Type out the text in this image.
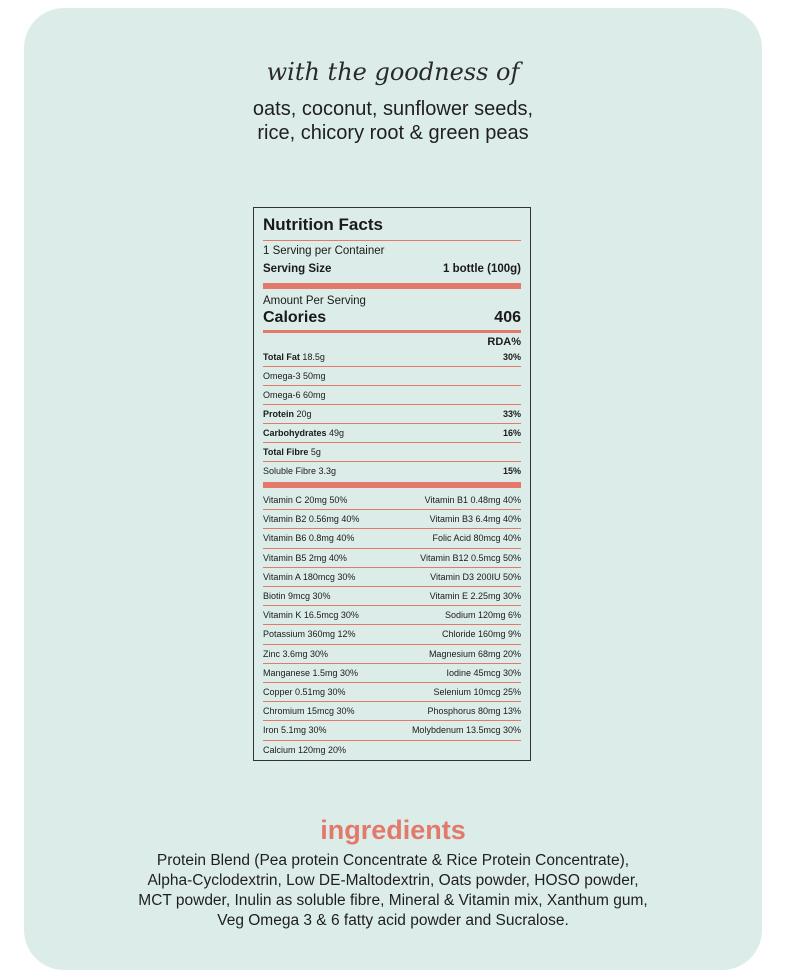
with the goodness of
oats, coconut, sunflower seeds,
rice, chicory root & green peas
Nutrition Facts
1 Serving per Container
Serving Size	1 bottle (100g)
Amount Per Serving
Calories	406
RDA%
Total Fat 18.5g	30%
Omega-3 50mg
Omega-6 60mg
Protein 20g	33%
Carbohydrates 49g	16%
Total Fibre 5g
Soluble Fibre 3.3g	15%
Vitamin C 20mg 50%	Vitamin B1 0.48mg 40%
Vitamin B2 0.56mg 40%	Vitamin B3 6.4mg 40%
Vitamin B6 0.8mg 40%	Folic Acid 80mcg 40%
Vitamin B5 2mg 40%	Vitamin B12 0.5mcg 50%
Vitamin A 180mcg 30%	Vitamin D3 200IU 50%
Biotin 9mcg 30%	Vitamin E 2.25mg 30%
Vitamin K 16.5mcg 30%	Sodium 120mg 6%
Potassium 360mg 12%	Chloride 160mg 9%
Zinc 3.6mg 30%	Magnesium 68mg 20%
Manganese 1.5mg 30%	Iodine 45mcg 30%
Copper 0.51mg 30%	Selenium 10mcg 25%
Chromium 15mcg 30%	Phosphorus 80mg 13%
Iron 5.1mg 30%	Molybdenum 13.5mcg 30%
Calcium 120mg 20%
ingredients
Protein Blend (Pea protein Concentrate & Rice Protein Concentrate),
Alpha-Cyclodextrin, Low DE-Maltodextrin, Oats powder, HOSO powder,
MCT powder, Inulin as soluble fibre, Mineral & Vitamin mix, Xanthum gum,
Veg Omega 3 & 6 fatty acid powder and Sucralose.
